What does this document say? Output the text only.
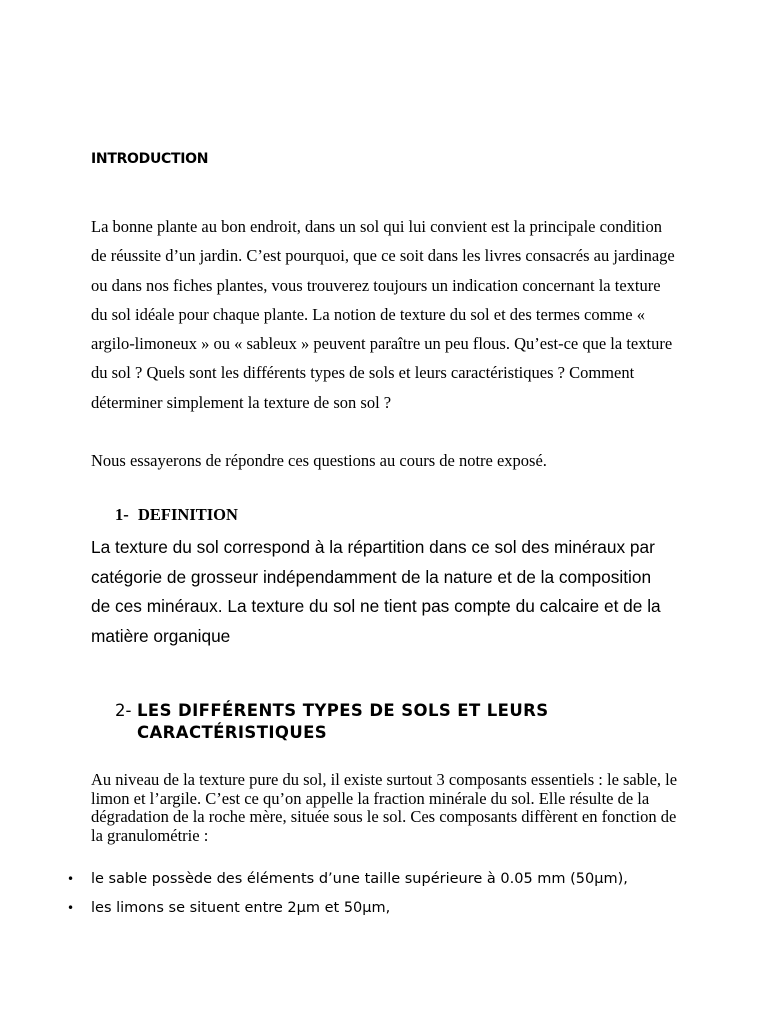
INTRODUCTION

La bonne plante au bon endroit, dans un sol qui lui convient est la principale condition de réussite d’un jardin. C’est pourquoi, que ce soit dans les livres consacrés au jardinage ou dans nos fiches plantes, vous trouverez toujours un indication concernant la texture du sol idéale pour chaque plante. La notion de texture du sol et des termes comme « argilo-limoneux » ou « sableux » peuvent paraître un peu flous. Qu’est-ce que la texture du sol ? Quels sont les différents types de sols et leurs caractéristiques ? Comment déterminer simplement la texture de son sol ?

Nous essayerons de répondre ces questions au cours de notre exposé.
1- DEFINITION
La texture du sol correspond à la répartition dans ce sol des minéraux par catégorie de grosseur indépendamment de la nature et de la composition de ces minéraux. La texture du sol ne tient pas compte du calcaire et de la matière organique
2- LES DIFFÉRENTS TYPES DE SOLS ET LEURS CARACTÉRISTIQUES
Au niveau de la texture pure du sol, il existe surtout 3 composants essentiels : le sable, le limon et l’argile. C’est ce qu’on appelle la fraction minérale du sol. Elle résulte de la dégradation de la roche mère, située sous le sol. Ces composants diffèrent en fonction de la granulométrie :
• le sable possède des éléments d’une taille supérieure à 0.05 mm (50µm),
• les limons se situent entre 2µm et 50µm,
